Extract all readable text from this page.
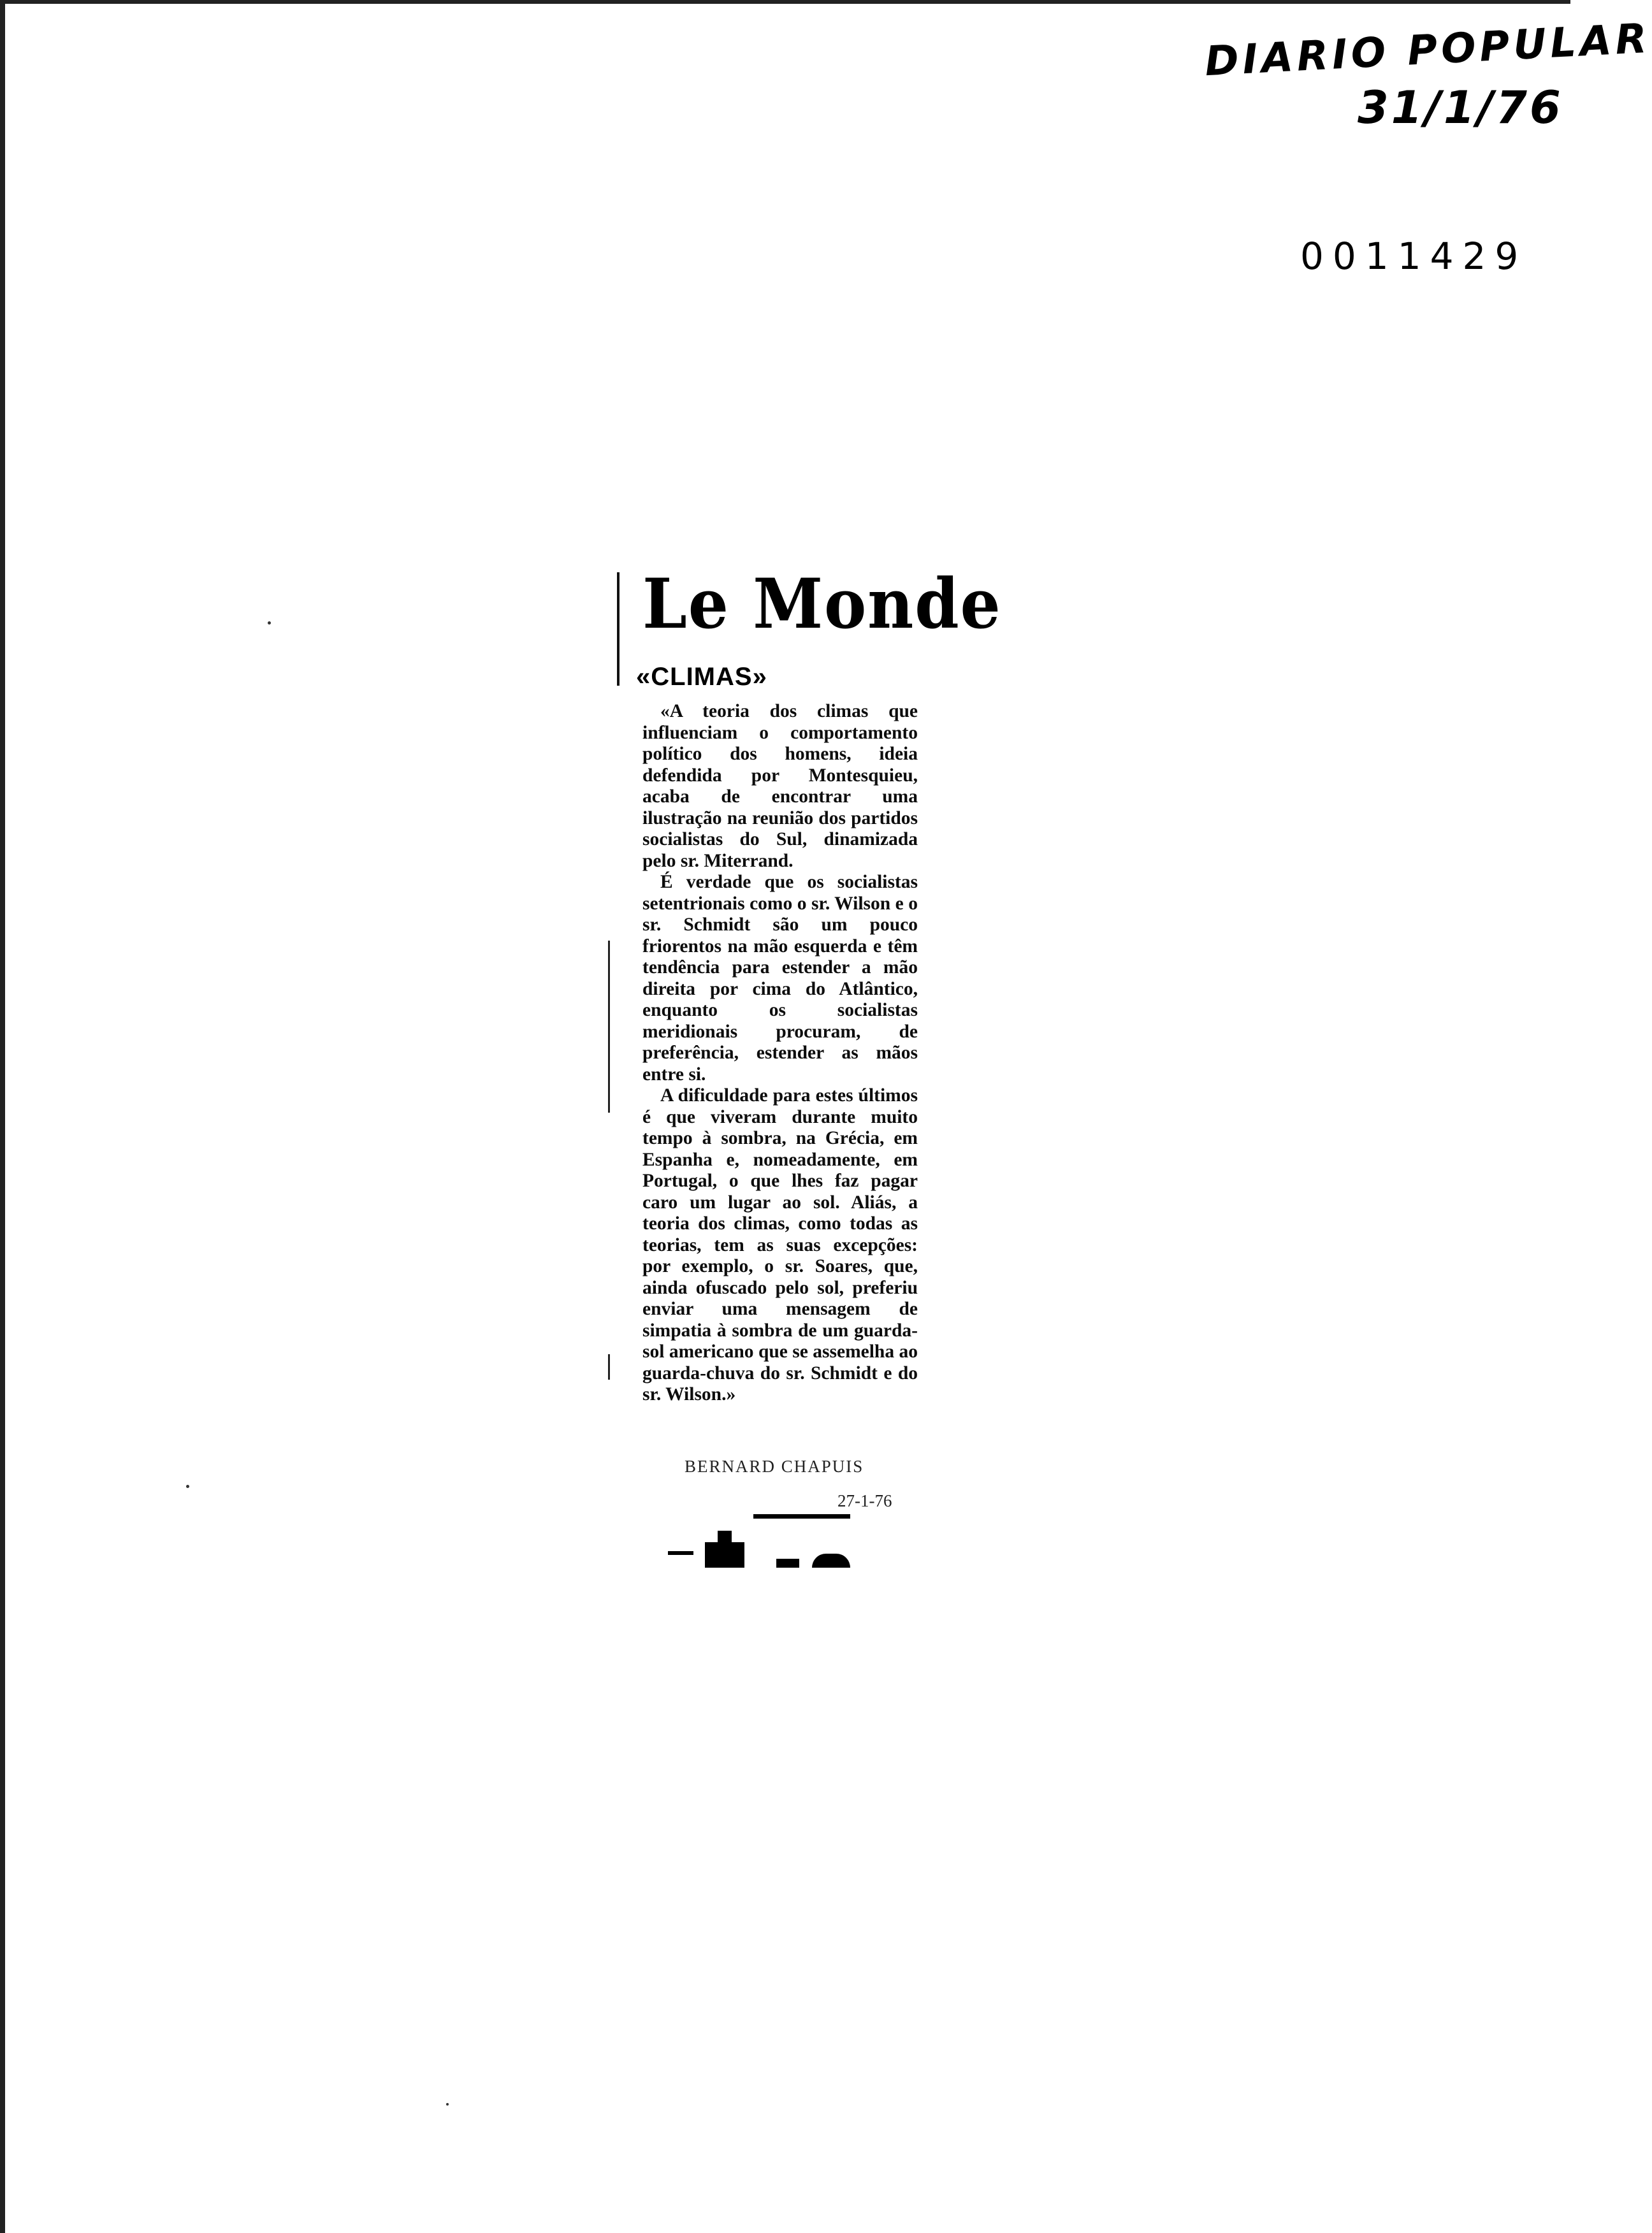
DIARIO POPULAR
31/1/76
0011429
Le Monde
«CLIMAS»

«A teoria dos climas que influenciam o comportamento político dos homens, ideia defendida por Montesquieu, acaba de encontrar uma ilustração na reunião dos partidos socialistas do Sul, dinamizada pelo sr. Miterrand.

É verdade que os socialistas setentrionais como o sr. Wilson e o sr. Schmidt são um pouco friorentos na mão esquerda e têm tendência para estender a mão direita por cima do Atlântico, enquanto os socialistas meridionais procuram, de preferência, estender as mãos entre si.

A dificuldade para estes últimos é que viveram durante muito tempo à sombra, na Grécia, em Espanha e, nomeadamente, em Portugal, o que lhes faz pagar caro um lugar ao sol. Aliás, a teoria dos climas, como todas as teorias, tem as suas excepções: por exemplo, o sr. Soares, que, ainda ofuscado pelo sol, preferiu enviar uma mensagem de simpatia à sombra de um guarda-sol americano que se assemelha ao guarda-chuva do sr. Schmidt e do sr. Wilson.»

BERNARD CHAPUIS
27-1-76
